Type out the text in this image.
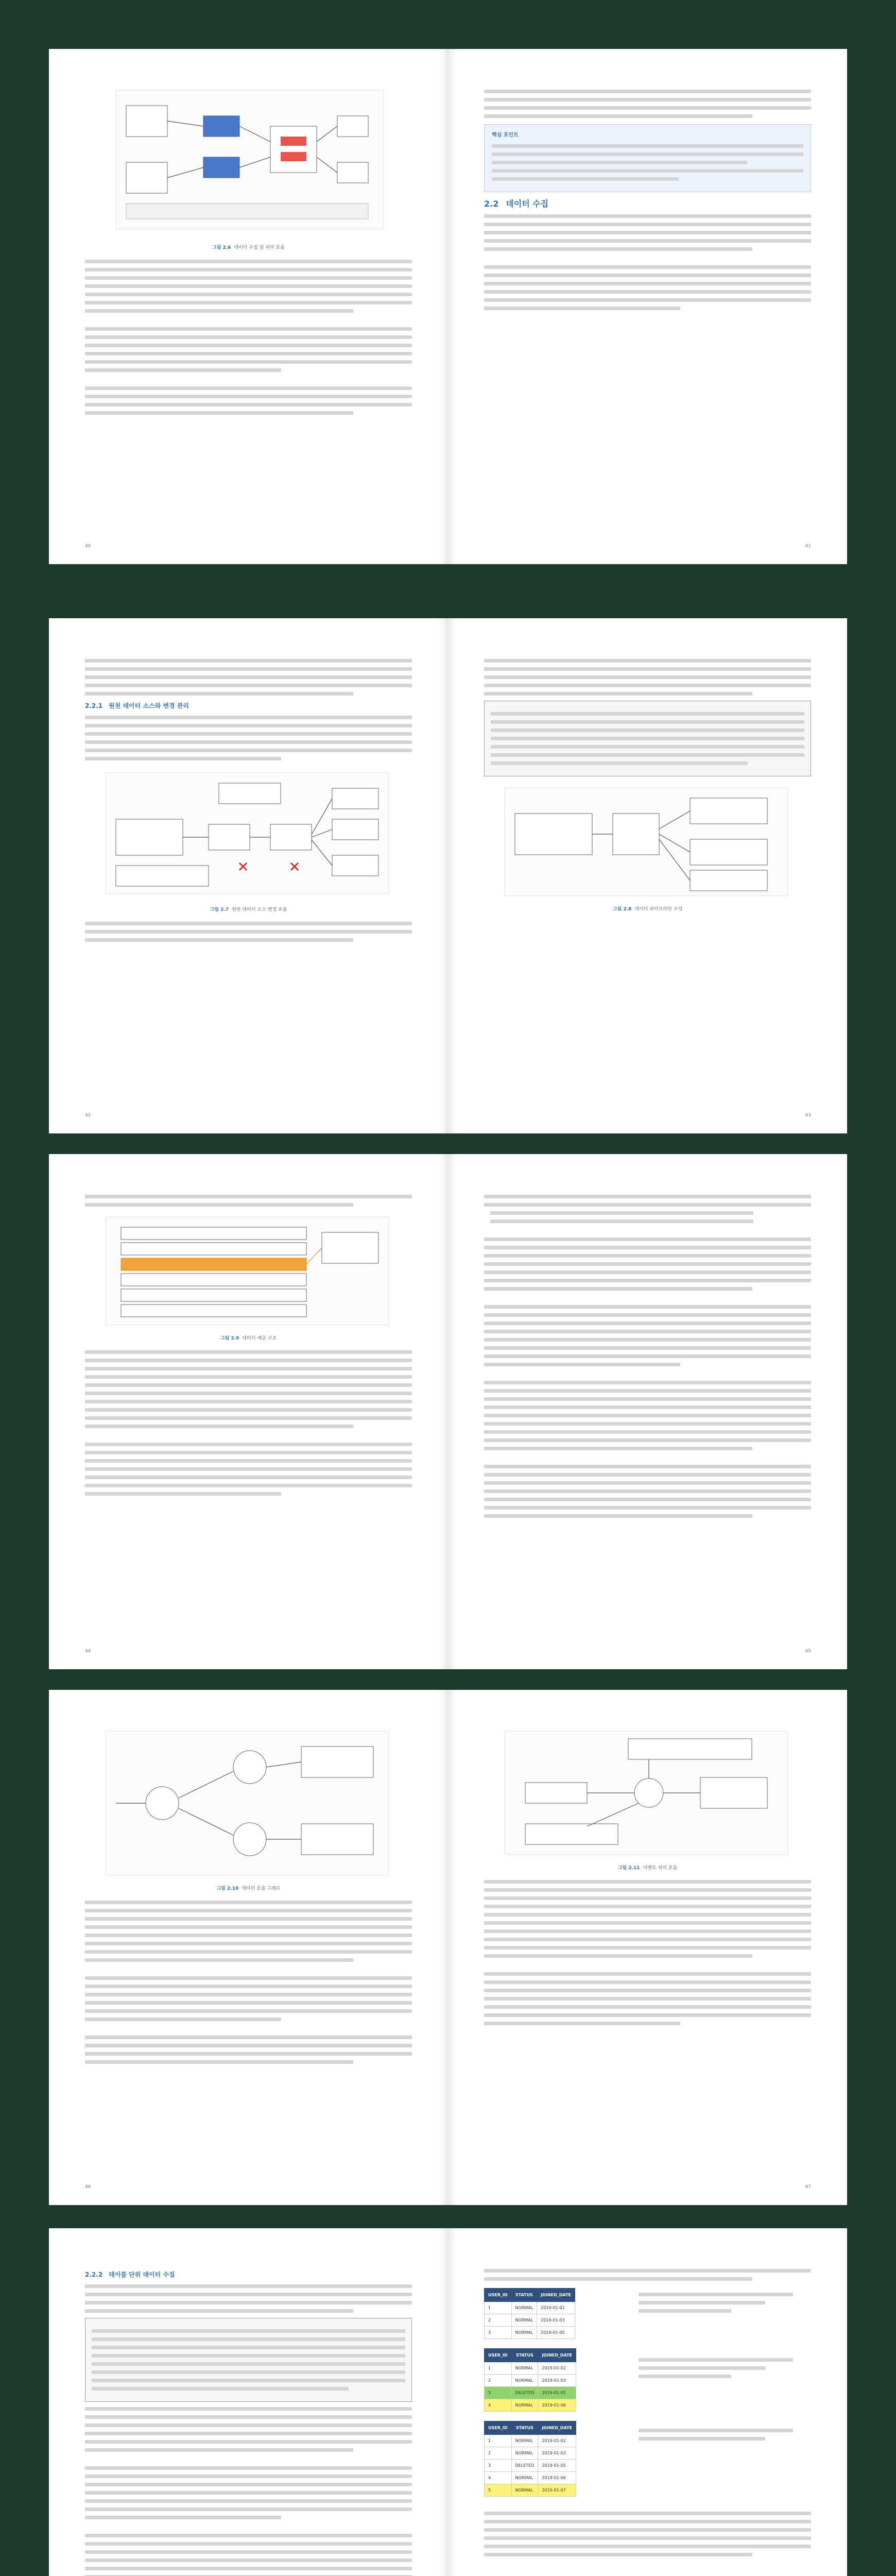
그림 2.6 데이터 수집 및 처리 흐름
40
핵심 포인트
2.2 데이터 수집
41
2.2.1 원천 데이터 소스와 변경 관리
그림 2.7 원천 데이터 소스 변경 흐름
42
그림 2.8 데이터 파이프라인 구성
43
그림 2.9 데이터 계층 구조
44	45
그림 2.10 데이터 흐름 그래프
46
그림 2.11 이벤트 처리 흐름
47
2.2.2 테이블 단위 데이터 수집
USER_ID	STATUS	JOINED_DATE
1	NORMAL	2019-01-02
2	NORMAL	2019-01-03
3	NORMAL	2019-01-05
USER_ID	STATUS	JOINED_DATE
1	NORMAL	2019-01-02
2	NORMAL	2019-01-03
3	DELETED	2019-01-05
4	NORMAL	2019-01-06
USER_ID	STATUS	JOINED_DATE
1	NORMAL	2019-01-02
2	NORMAL	2019-01-03
3	DELETED	2019-01-05
4	NORMAL	2019-01-06
5	NORMAL	2019-01-07
